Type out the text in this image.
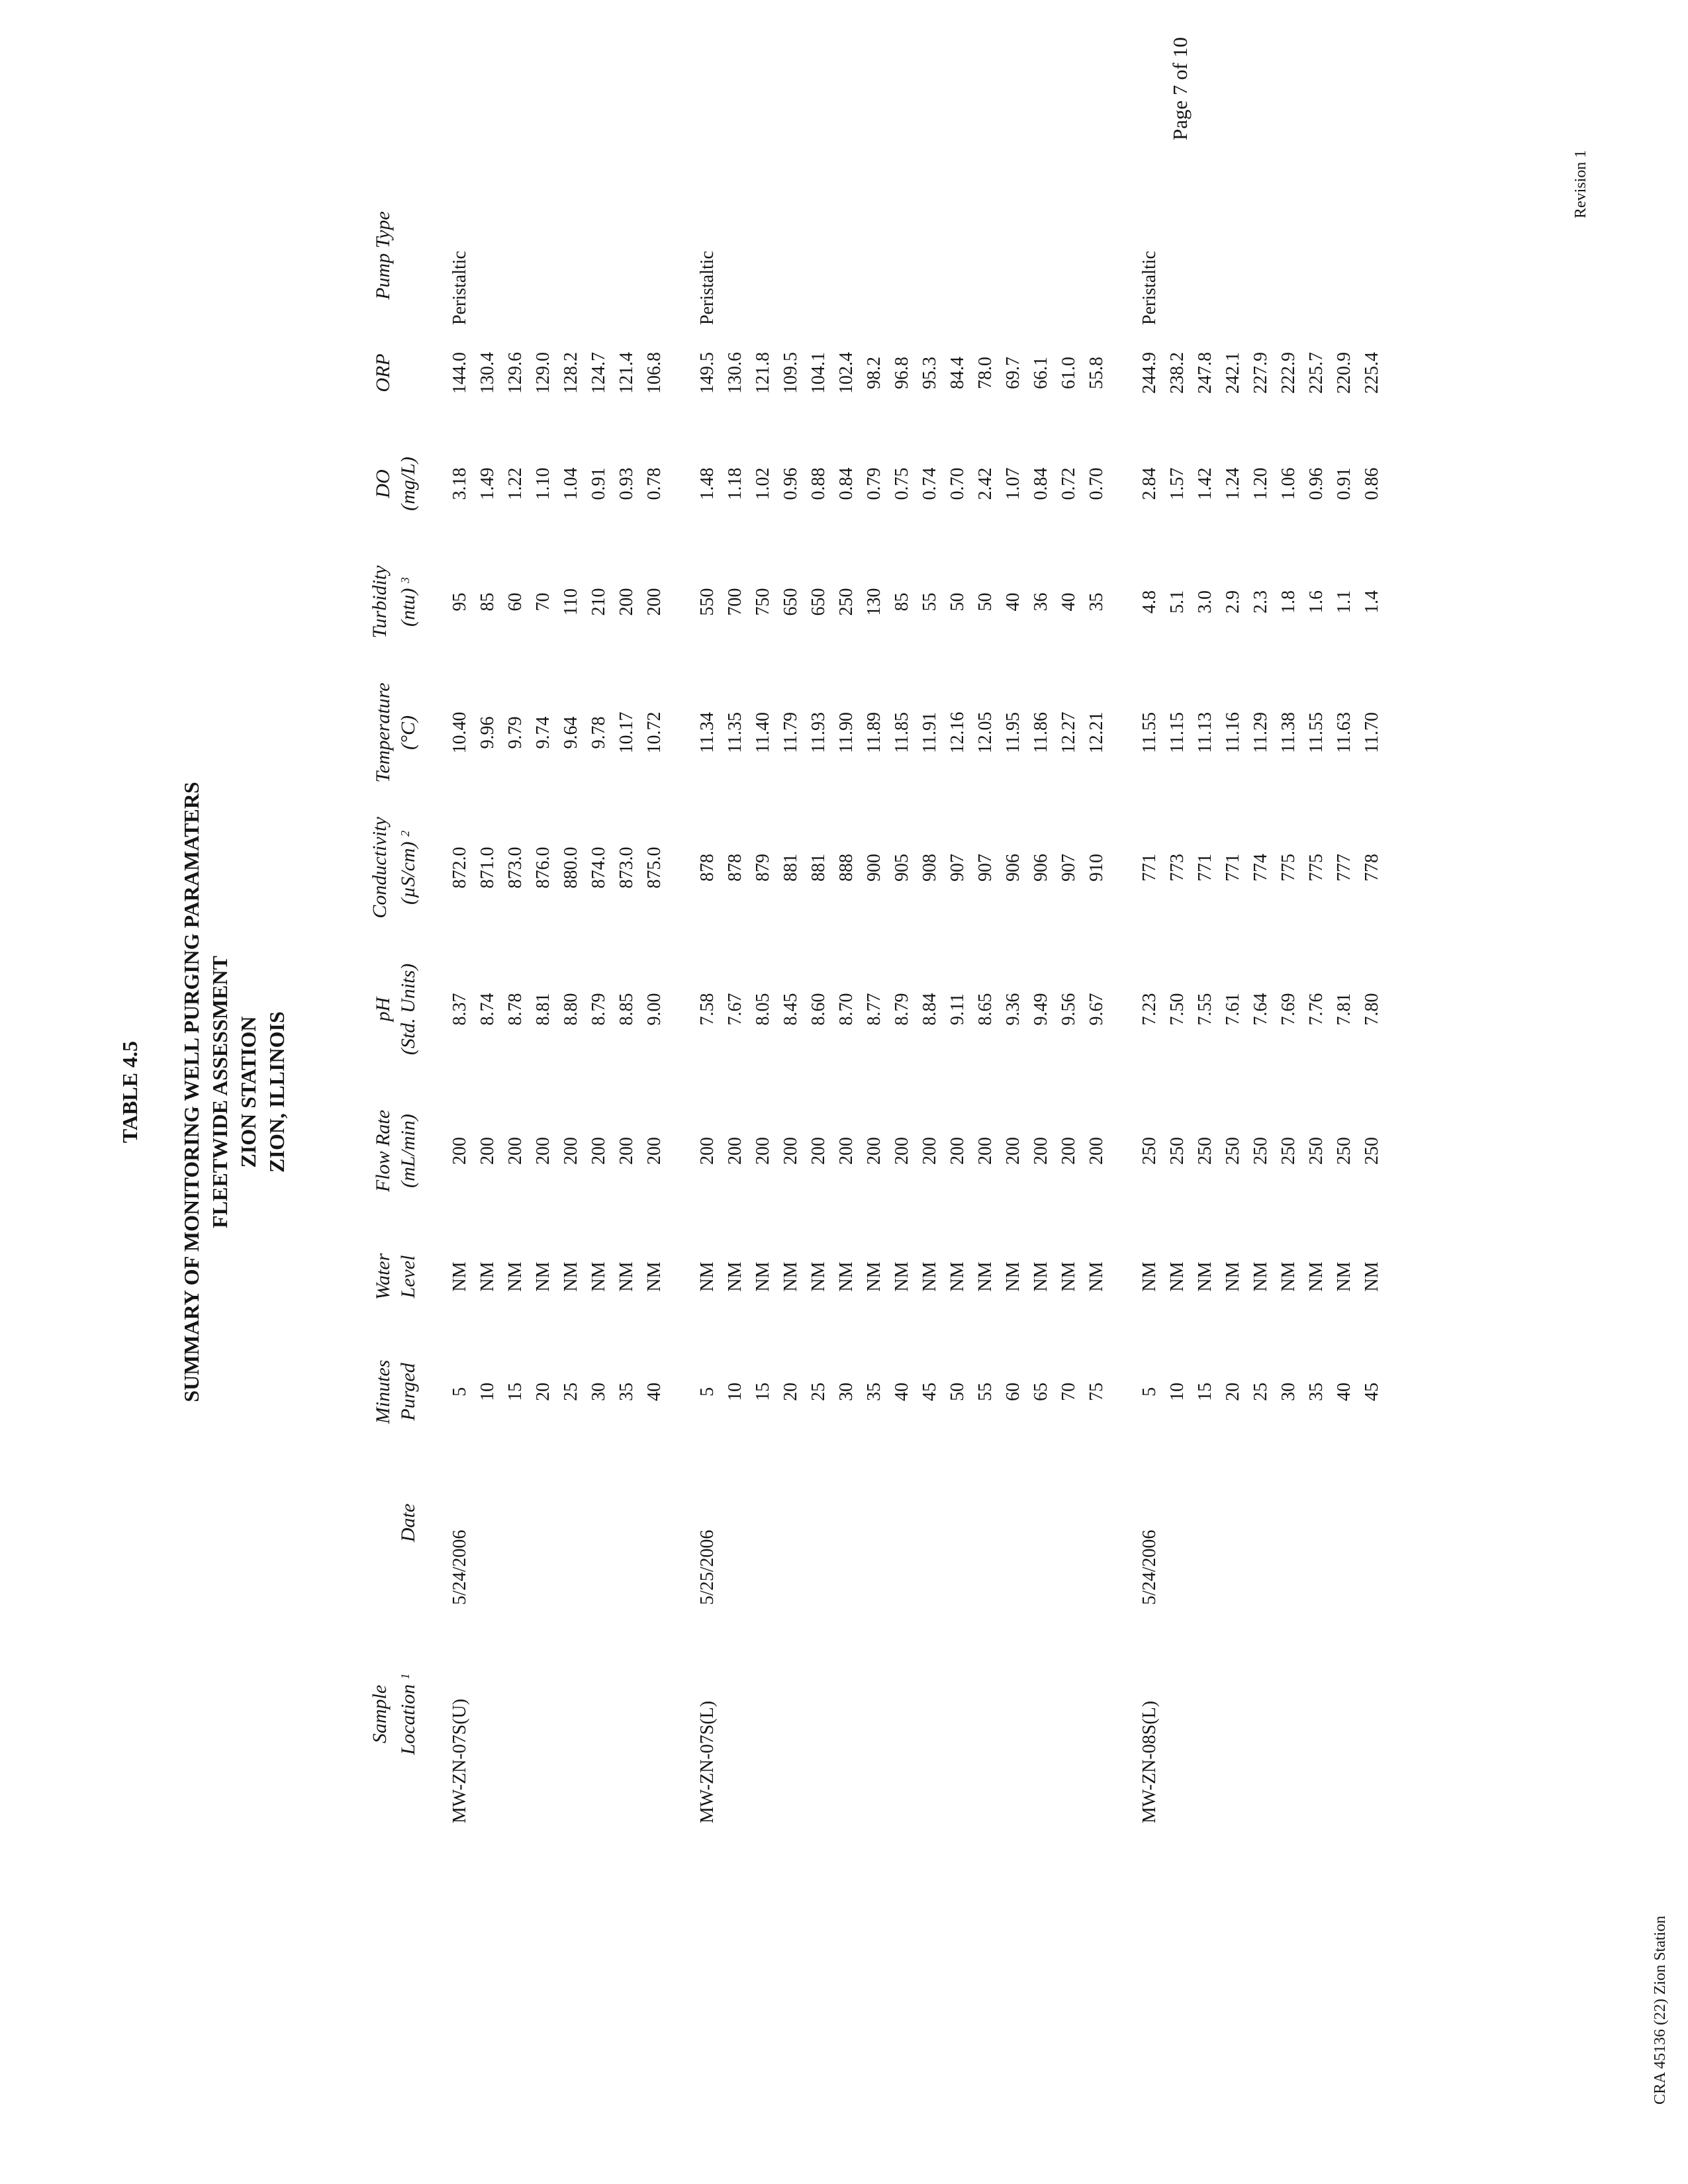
Page 7 of 10
Revision 1
CRA 45136 (22) Zion Station
TABLE 4.5 SUMMARY OF MONITORING WELL PURGING PARAMATERS FLEETWIDE ASSESSMENT ZION STATION ZION, ILLINOIS
Sample Location $^1$	Date	Minutes Purged	Water Level	Flow Rate (mL/min)	pH (Std. Units)	Conductivity (µS/cm) $^2$	Temperature (°C)	Turbidity (ntu) $^3$	DO (mg/L)	ORP	Pump Type

MW-ZN-07S(U)	5/24/2006	5	NM	200	8.37	872.0	10.40	95	3.18	144.0	Peristaltic
		10	NM	200	8.74	871.0	9.96	85	1.49	130.4	
		15	NM	200	8.78	873.0	9.79	60	1.22	129.6	
		20	NM	200	8.81	876.0	9.74	70	1.10	129.0	
		25	NM	200	8.80	880.0	9.64	110	1.04	128.2	
		30	NM	200	8.79	874.0	9.78	210	0.91	124.7	
		35	NM	200	8.85	873.0	10.17	200	0.93	121.4	
		40	NM	200	9.00	875.0	10.72	200	0.78	106.8	

MW-ZN-07S(L)	5/25/2006	5	NM	200	7.58	878	11.34	550	1.48	149.5	Peristaltic
		10	NM	200	7.67	878	11.35	700	1.18	130.6	
		15	NM	200	8.05	879	11.40	750	1.02	121.8	
		20	NM	200	8.45	881	11.79	650	0.96	109.5	
		25	NM	200	8.60	881	11.93	650	0.88	104.1	
		30	NM	200	8.70	888	11.90	250	0.84	102.4	
		35	NM	200	8.77	900	11.89	130	0.79	98.2	
		40	NM	200	8.79	905	11.85	85	0.75	96.8	
		45	NM	200	8.84	908	11.91	55	0.74	95.3	
		50	NM	200	9.11	907	12.16	50	0.70	84.4	
		55	NM	200	8.65	907	12.05	50	2.42	78.0	
		60	NM	200	9.36	906	11.95	40	1.07	69.7	
		65	NM	200	9.49	906	11.86	36	0.84	66.1	
		70	NM	200	9.56	907	12.27	40	0.72	61.0	
		75	NM	200	9.67	910	12.21	35	0.70	55.8	

MW-ZN-08S(L)	5/24/2006	5	NM	250	7.23	771	11.55	4.8	2.84	244.9	Peristaltic
		10	NM	250	7.50	773	11.15	5.1	1.57	238.2	
		15	NM	250	7.55	771	11.13	3.0	1.42	247.8	
		20	NM	250	7.61	771	11.16	2.9	1.24	242.1	
		25	NM	250	7.64	774	11.29	2.3	1.20	227.9	
		30	NM	250	7.69	775	11.38	1.8	1.06	222.9	
		35	NM	250	7.76	775	11.55	1.6	0.96	225.7	
		40	NM	250	7.81	777	11.63	1.1	0.91	220.9	
		45	NM	250	7.80	778	11.70	1.4	0.86	225.4	
